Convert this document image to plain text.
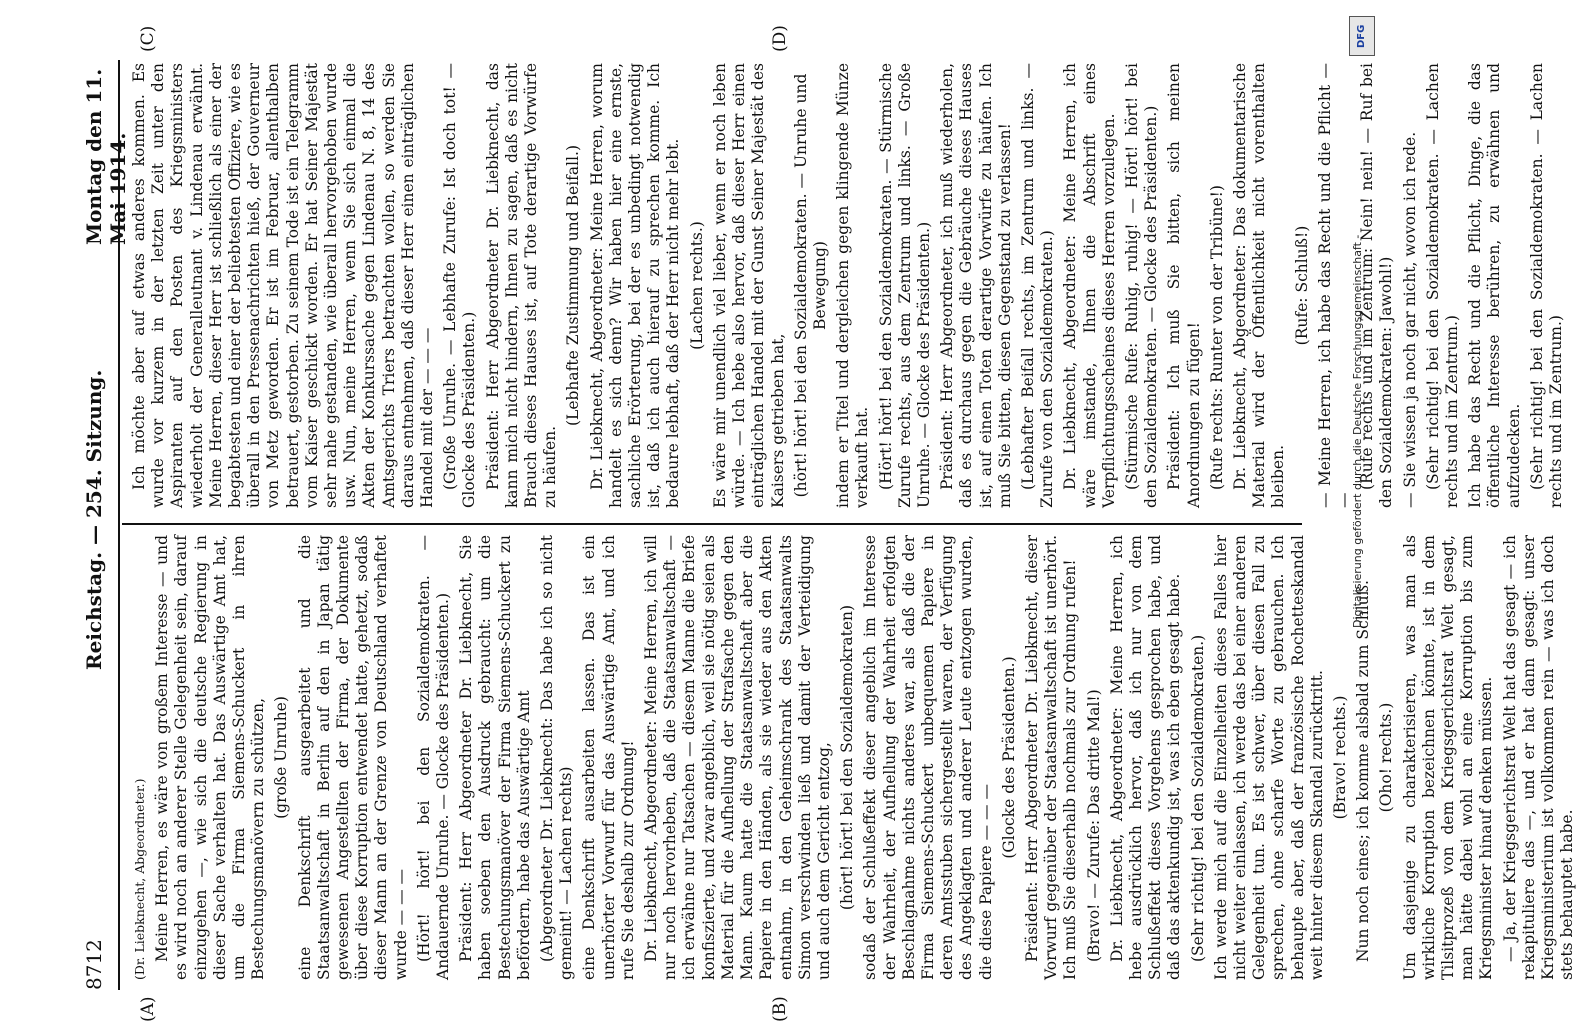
8712
Reichstag. — 254. Sitzung.
Montag den 11. Mai 1914.
(A)	(B)
(C)	(D)

(Dr. Liebknecht, Abgeordneter.) Meine Herren, es wäre von großem Interesse — und es wird noch an anderer Stelle Gelegenheit sein, darauf einzugehen —, wie sich die deutsche Regierung in dieser Sache verhalten hat. Das Auswärtige Amt hat, um die Firma Siemens-Schuckert in ihren Bestechungsmanövern zu schützen, (große Unruhe) eine Denkschrift ausgearbeitet und die Staatsanwaltschaft in Berlin auf den in Japan tätig gewesenen Angestellten der Firma, der Dokumente über diese Korruption entwendet hatte, gehetzt, sodaß dieser Mann an der Grenze von Deutschland verhaftet wurde — — — (Hört! hört! bei den Sozialdemokraten. — Andauernde Unruhe. — Glocke des Präsidenten.) Präsident: Herr Abgeordneter Dr. Liebknecht, Sie haben soeben den Ausdruck gebraucht: um die Bestechungsmanöver der Firma Siemens-Schuckert zu befördern, habe das Auswärtige Amt (Abgeordneter Dr. Liebknecht: Das habe ich so nicht gemeint! — Lachen rechts) eine Denkschrift ausarbeiten lassen. Das ist ein unerhörter Vorwurf für das Auswärtige Amt, und ich rufe Sie deshalb zur Ordnung! Dr. Liebknecht, Abgeordneter: Meine Herren, ich will nur noch hervorheben, daß die Staatsanwaltschaft — ich erwähne nur Tatsachen — diesem Manne die Briefe konfiszierte, und zwar angeblich, weil sie nötig seien als Material für die Aufhellung der Strafsache gegen den Mann. Kaum hatte die Staatsanwaltschaft aber die Papiere in den Händen, als sie wieder aus den Akten entnahm, in den Geheimschrank des Staatsanwalts Simon verschwinden ließ und damit der Verteidigung und auch dem Gericht entzog, (hört! hört! bei den Sozialdemokraten) sodaß der Schlußeffekt dieser angeblich im Interesse der Wahrheit, der Aufhellung der Wahrheit erfolgten Beschlagnahme nichts anderes war, als daß die der Firma Siemens-Schuckert unbequemen Papiere in deren Amtsstuben sichergestellt waren, der Verfügung des Angeklagten und anderer Leute entzogen wurden, die diese Papiere — — —

(Glocke des Präsidenten.) Präsident: Herr Abgeordneter Dr. Liebknecht, dieser Vorwurf gegenüber der Staatsanwaltschaft ist unerhört. Ich muß Sie dieserhalb nochmals zur Ordnung rufen! (Bravo! — Zurufe: Das dritte Mal!) Dr. Liebknecht, Abgeordneter: Meine Herren, ich hebe ausdrücklich hervor, daß ich nur von dem Schlußeffekt dieses Vorgehens gesprochen habe, und daß das aktenkundig ist, was ich eben gesagt habe. (Sehr richtig! bei den Sozialdemokraten.) Ich werde mich auf die Einzelheiten dieses Falles hier nicht weiter einlassen, ich werde das bei einer anderen Gelegenheit tun. Es ist schwer, über diesen Fall zu sprechen, ohne scharfe Worte zu gebrauchen. Ich behaupte aber, daß der französische Rochetteskandal weit hinter diesem Skandal zurücktritt. (Bravo! rechts.) Nun noch eines; ich komme alsbald zum Schluß. (Oho! rechts.) Um dasjenige zu charakterisieren, was man als wirkliche Korruption bezeichnen könnte, ist in dem Tilsitprozeß von dem Kriegsgerichtsrat Welt gesagt, man hätte dabei wohl an eine Korruption bis zum Kriegsminister hinauf denken müssen. — Ja, der Kriegsgerichtsrat Welt hat das gesagt — ich rekapituliere das —, und er hat dann gesagt: unser Kriegsministerium ist vollkommen rein — was ich doch stets behauptet habe.

Ich möchte aber auf etwas anderes kommen. Es wurde vor kurzem in der letzten Zeit unter den Aspiranten auf den Posten des Kriegsministers wiederholt der Generalleutnant v. Lindenau erwähnt. Meine Herren, dieser Herr ist schließlich als einer der begabtesten und einer der beliebtesten Offiziere, wie es überall in den Pressenachrichten hieß, der Gouverneur von Metz geworden. Er ist im Februar, allenthalben betrauert, gestorben. Zu seinem Tode ist ein Telegramm vom Kaiser geschickt worden. Er hat Seiner Majestät sehr nahe gestanden, wie überall hervorgehoben wurde usw. Nun, meine Herren, wenn Sie sich einmal die Akten der Konkurssache gegen Lindenau N. 8, 14 des Amtsgerichts Triers betrachten wollen, so werden Sie daraus entnehmen, daß dieser Herr einen einträglichen Handel mit der — — — (Große Unruhe. — Lebhafte Zurufe: Ist doch tot! — Glocke des Präsidenten.) Präsident: Herr Abgeordneter Dr. Liebknecht, das kann mich nicht hindern, Ihnen zu sagen, daß es nicht Brauch dieses Hauses ist, auf Tote derartige Vorwürfe zu häufen.

(Lebhafte Zustimmung und Beifall.) Dr. Liebknecht, Abgeordneter: Meine Herren, worum handelt es sich denn? Wir haben hier eine ernste, sachliche Erörterung, bei der es unbedingt notwendig ist, daß ich auch hierauf zu sprechen komme. Ich bedaure lebhaft, daß der Herr nicht mehr lebt. (Lachen rechts.) Es wäre mir unendlich viel lieber, wenn er noch leben würde. — Ich hebe also hervor, daß dieser Herr einen einträglichen Handel mit der Gunst Seiner Majestät des Kaisers getrieben hat, (hört! hört! bei den Sozialdemokraten. — Unruhe und Bewegung) indem er Titel und dergleichen gegen klingende Münze verkauft hat. (Hört! hört! bei den Sozialdemokraten. — Stürmische Zurufe rechts, aus dem Zentrum und links. — Große Unruhe. — Glocke des Präsidenten.) Präsident: Herr Abgeordneter, ich muß wiederholen, daß es durchaus gegen die Gebräuche dieses Hauses ist, auf einen Toten derartige Vorwürfe zu häufen. Ich muß Sie bitten, diesen Gegenstand zu verlassen! (Lebhafter Beifall rechts, im Zentrum und links. — Zurufe von den Sozialdemokraten.) Dr. Liebknecht, Abgeordneter: Meine Herren, ich wäre imstande, Ihnen die Abschrift eines Verpflichtungsscheines dieses Herren vorzulegen. (Stürmische Rufe: Ruhig, ruhig! — Hört! hört! bei den Sozialdemokraten. — Glocke des Präsidenten.) Präsident: Ich muß Sie bitten, sich meinen Anordnungen zu fügen! (Rufe rechts: Runter von der Tribüne!) Dr. Liebknecht, Abgeordneter: Das dokumentarische Material wird der Öffentlichkeit nicht vorenthalten bleiben.

(Rufe: Schluß!) — Meine Herren, ich habe das Recht und die Pflicht — —

(Rufe rechts und im Zentrum: Nein! nein! — Ruf bei den Sozialdemokraten: Jawohl!) — Sie wissen ja noch gar nicht, wovon ich rede. (Sehr richtig! bei den Sozialdemokraten. — Lachen rechts und im Zentrum.) Ich habe das Recht und die Pflicht, Dinge, die das öffentliche Interesse berühren, zu erwähnen und aufzudecken. (Sehr richtig! bei den Sozialdemokraten. — Lachen rechts und im Zentrum.)

DFG
Digitalisierung gefördert durch die Deutsche Forschungsgemeinschaft -
